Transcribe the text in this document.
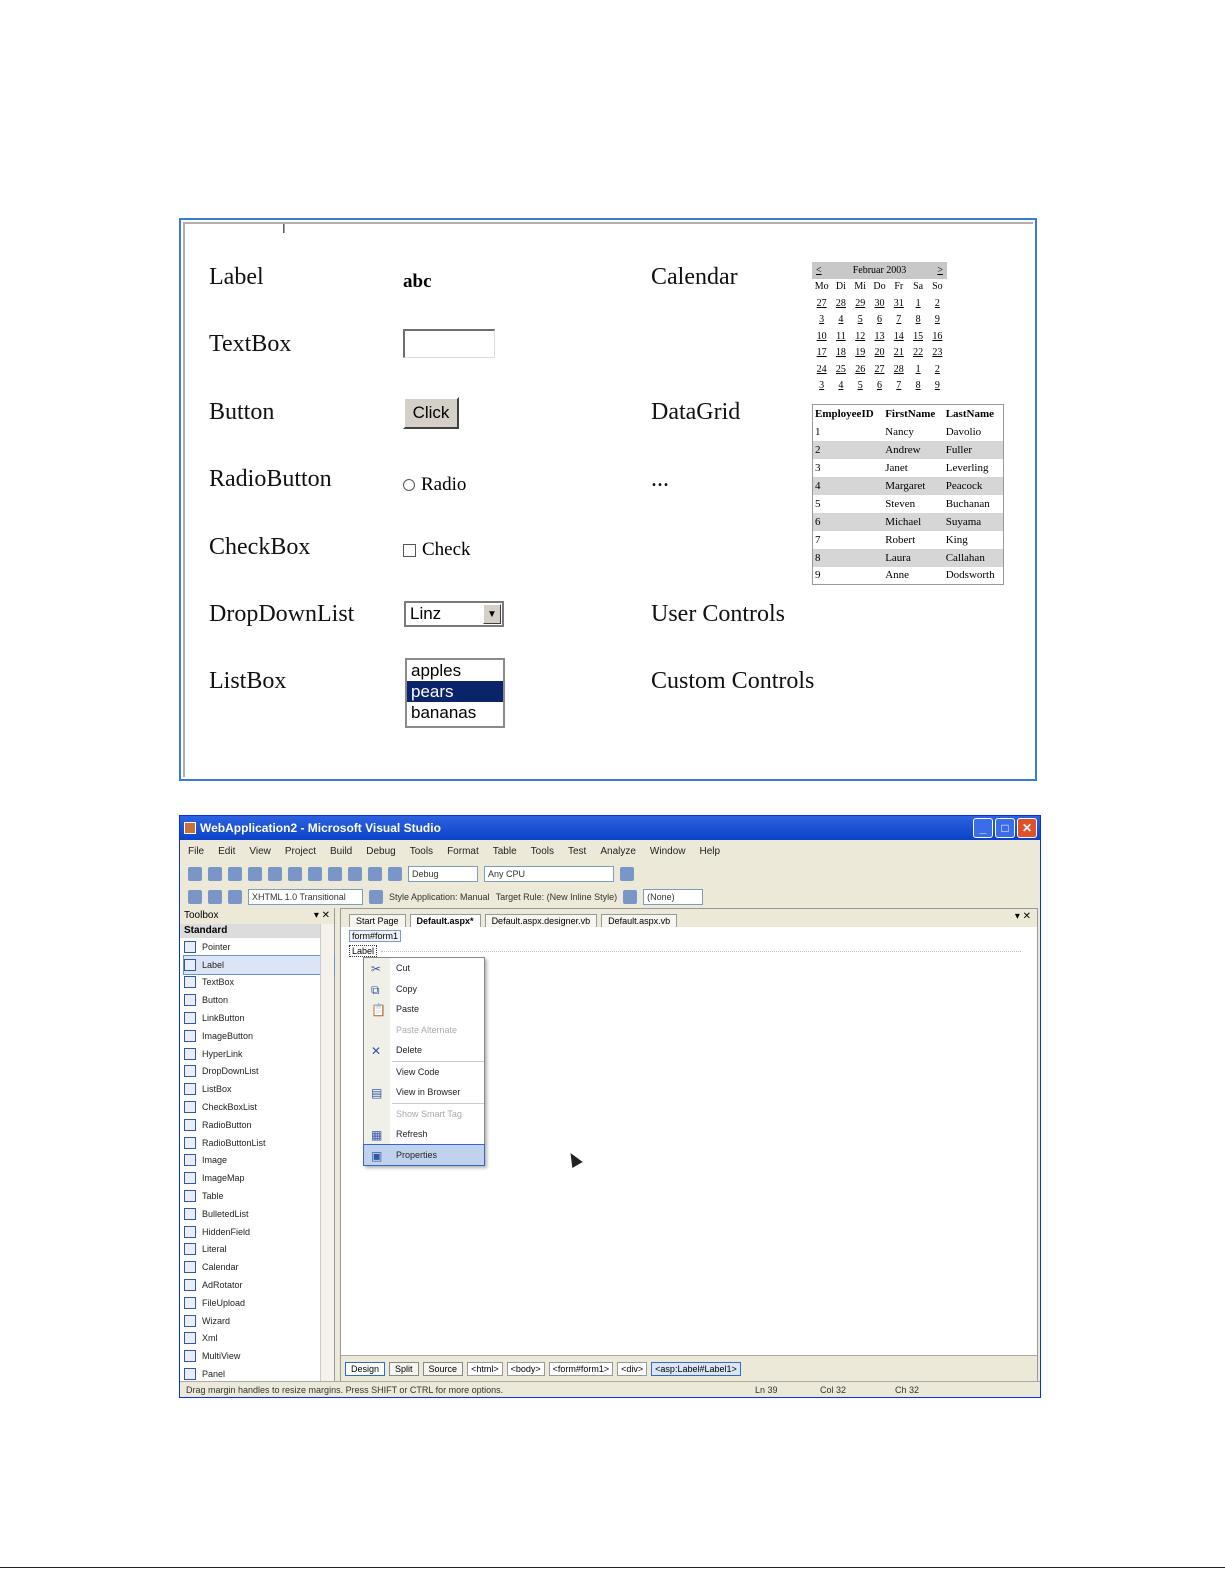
I
Label
TextBox
Button
RadioButton
CheckBox
DropDownList
ListBox
abc
Click
Radio
Check
Linz	▼
apples
pears
bananas
Calendar
DataGrid
...
User Controls
Custom Controls
<	Februar 2003	>
Mo Di Mi Do Fr Sa So
27 28 29 30 31	1	2
3	4	5	6	7	8	9
10 11 12 13 14 15 16
17 18 19 20 21 22 23
24 25 26 27 28	1	2
3	4	5	6	7	8	9
EmployeeID	FirstName	LastName
1	Nancy	Davolio
2	Andrew	Fuller
3	Janet	Leverling
4	Margaret	Peacock
5	Steven	Buchanan
6	Michael	Suyama
7	Robert	King
8	Laura	Callahan
9	Anne	Dodsworth
WebApplication2 - Microsoft Visual Studio	_	□	✕
File Edit View Project Build Debug Tools Format Table Tools Test Analyze Window Help
Debug	Any CPU
XHTML 1.0 Transitional	Style Application: Manual Target Rule: (New Inline Style)	(None)
Toolbox	▾ ✕
Standard
Pointer
Label
TextBox
Button
LinkButton
ImageButton
HyperLink
DropDownList
ListBox
CheckBoxList
RadioButton
RadioButtonList
Image
ImageMap
Table
BulletedList
HiddenField
Literal
Calendar
AdRotator
FileUpload
Wizard
Xml
MultiView
Panel
Start Page	Default.aspx*	Default.aspx.designer.vb	Default.aspx.vb	▾ ✕
form#form1
Label
✂ Cut
⧉ Copy
📋 Paste
Paste Alternate
✕ Delete
View Code
▤ View in Browser
Show Smart Tag
▦ Refresh
▣ Properties
Design	Split	Source	<html>	<body>	<form#form1>	<div>	<asp:Label#Label1>
Drag margin handles to resize margins. Press SHIFT or CTRL for more options.	Ln 39	Col 32	Ch 32
